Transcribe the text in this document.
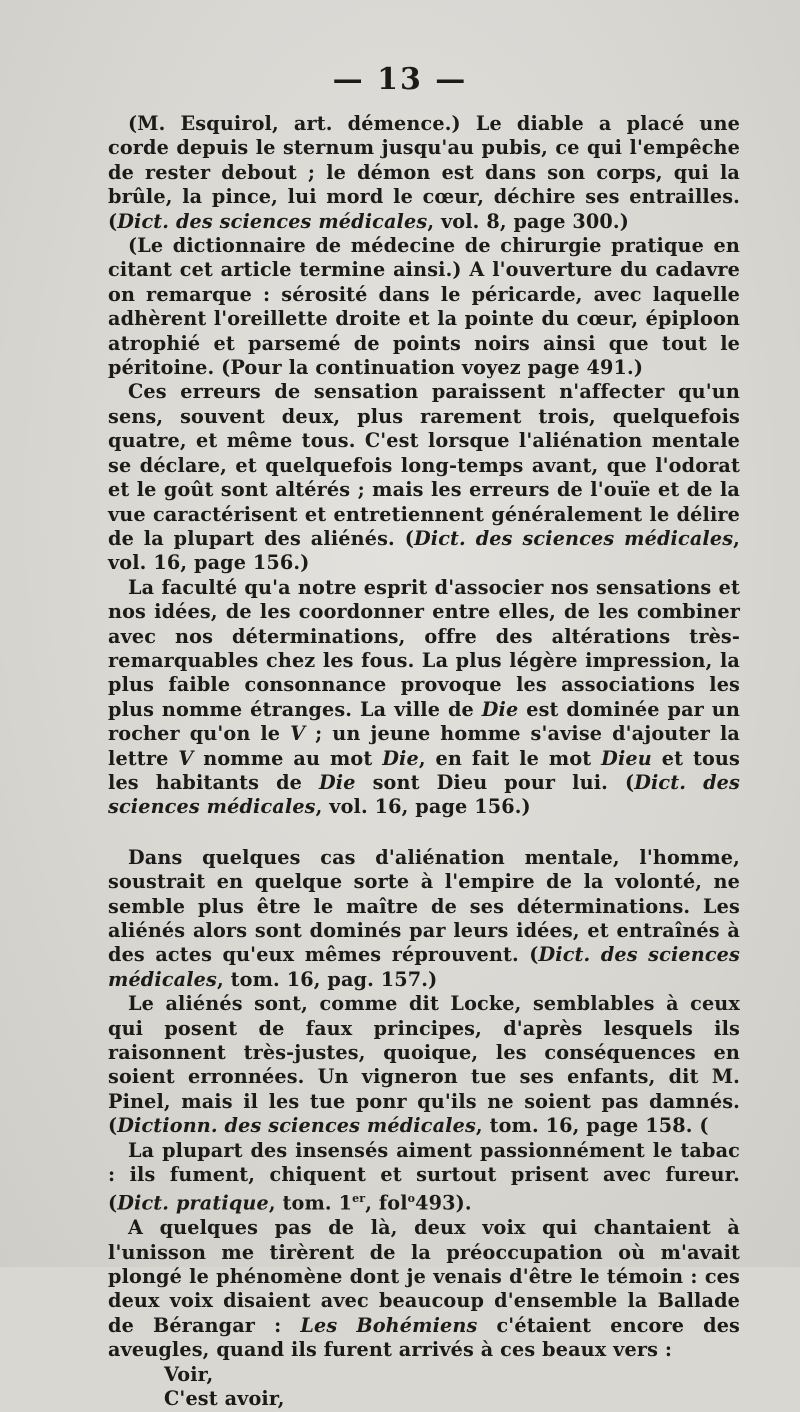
— 13 —

(M. Esquirol, art. démence.) Le diable a placé une corde depuis le sternum jusqu'au pubis, ce qui l'empêche de rester debout ; le démon est dans son corps, qui la brûle, la pince, lui mord le cœur, déchire ses entrailles. (Dict. des sciences médicales, vol. 8, page 300.)

(Le dictionnaire de médecine de chirurgie pratique en citant cet article termine ainsi.) A l'ouverture du cadavre on remarque : sérosité dans le péricarde, avec laquelle adhèrent l'oreillette droite et la pointe du cœur, épiploon atrophié et parsemé de points noirs ainsi que tout le péritoine. (Pour la continuation voyez page 491.)

Ces erreurs de sensation paraissent n'affecter qu'un sens, souvent deux, plus rarement trois, quelquefois quatre, et même tous. C'est lorsque l'aliénation mentale se déclare, et quelquefois long-temps avant, que l'odorat et le goût sont altérés ; mais les erreurs de l'ouïe et de la vue caractérisent et entretiennent généralement le délire de la plupart des aliénés. (Dict. des sciences médicales, vol. 16, page 156.)

La faculté qu'a notre esprit d'associer nos sensations et nos idées, de les coordonner entre elles, de les combiner avec nos déterminations, offre des altérations très-remarquables chez les fous. La plus légère impression, la plus faible consonnance provoque les associations les plus nomme étranges. La ville de Die est dominée par un rocher qu'on le V ; un jeune homme s'avise d'ajouter la lettre V nomme au mot Die, en fait le mot Dieu et tous les habitants de Die sont Dieu pour lui. (Dict. des sciences médicales, vol. 16, page 156.)

Dans quelques cas d'aliénation mentale, l'homme, soustrait en quelque sorte à l'empire de la volonté, ne semble plus être le maître de ses déterminations. Les aliénés alors sont dominés par leurs idées, et entraînés à des actes qu'eux mêmes réprouvent. (Dict. des sciences médicales, tom. 16, pag. 157.)

Le aliénés sont, comme dit Locke, semblables à ceux qui posent de faux principes, d'après lesquels ils raisonnent très-justes, quoique, les conséquences en soient erronnées. Un vigneron tue ses enfants, dit M. Pinel, mais il les tue ponr qu'ils ne soient pas damnés. (Dictionn. des sciences médicales, tom. 16, page 158. (

La plupart des insensés aiment passionnément le tabac : ils fument, chiquent et surtout prisent avec fureur. (Dict. pratique, tom. 1er, fol$^o$493).

A quelques pas de là, deux voix qui chantaient à l'unisson me tirèrent de la préoccupation où m'avait plongé le phénomène dont je venais d'être le témoin : ces deux voix disaient avec beaucoup d'ensemble la Ballade de Bérangar : Les Bohémiens c'étaient encore des aveugles, quand ils furent arrivés à ces beaux vers :

Voir,

C'est avoir,
